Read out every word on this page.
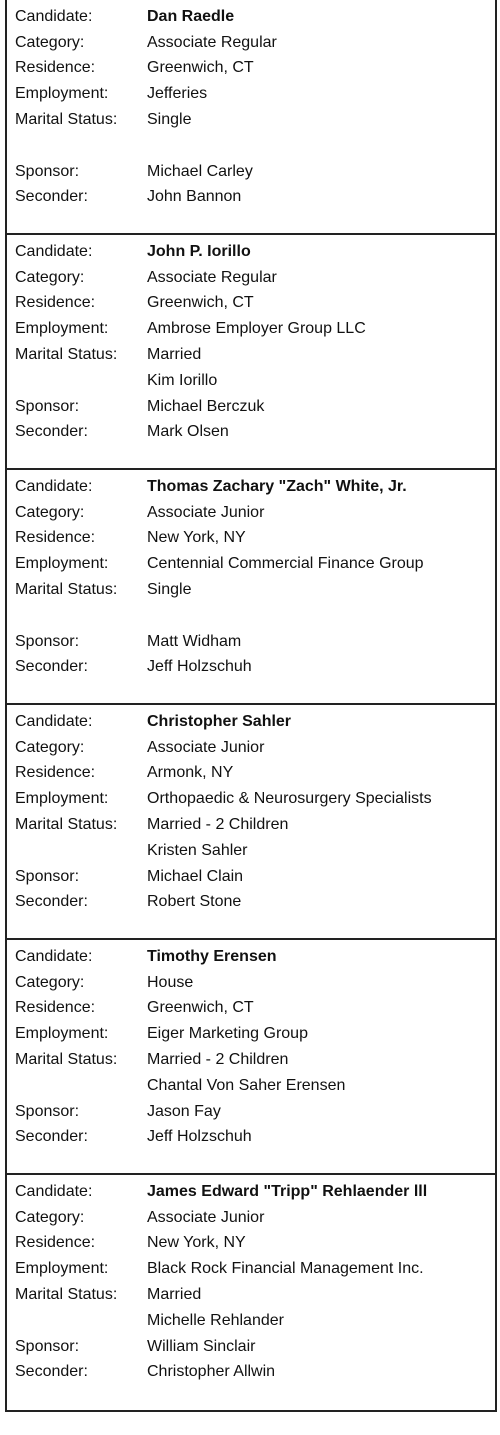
Candidate:	Dan Raedle
Category:	Associate Regular
Residence:	Greenwich, CT
Employment:	Jefferies
Marital Status:	Single
Sponsor:	Michael Carley
Seconder:	John Bannon
Candidate:	John P. Iorillo
Category:	Associate Regular
Residence:	Greenwich, CT
Employment:	Ambrose Employer Group LLC
Marital Status:	Married
Kim Iorillo
Sponsor:	Michael Berczuk
Seconder:	Mark Olsen
Candidate:	Thomas Zachary "Zach" White, Jr.
Category:	Associate Junior
Residence:	New York, NY
Employment:	Centennial Commercial Finance Group
Marital Status:	Single
Sponsor:	Matt Widham
Seconder:	Jeff Holzschuh
Candidate:	Christopher Sahler
Category:	Associate Junior
Residence:	Armonk, NY
Employment:	Orthopaedic & Neurosurgery Specialists
Marital Status:	Married - 2 Children
Kristen Sahler
Sponsor:	Michael Clain
Seconder:	Robert Stone
Candidate:	Timothy Erensen
Category:	House
Residence:	Greenwich, CT
Employment:	Eiger Marketing Group
Marital Status:	Married - 2 Children
Chantal Von Saher Erensen
Sponsor:	Jason Fay
Seconder:	Jeff Holzschuh
Candidate:	James Edward "Tripp" Rehlaender lll
Category:	Associate Junior
Residence:	New York, NY
Employment:	Black Rock Financial Management Inc.
Marital Status:	Married
Michelle Rehlander
Sponsor:	William Sinclair
Seconder:	Christopher Allwin
